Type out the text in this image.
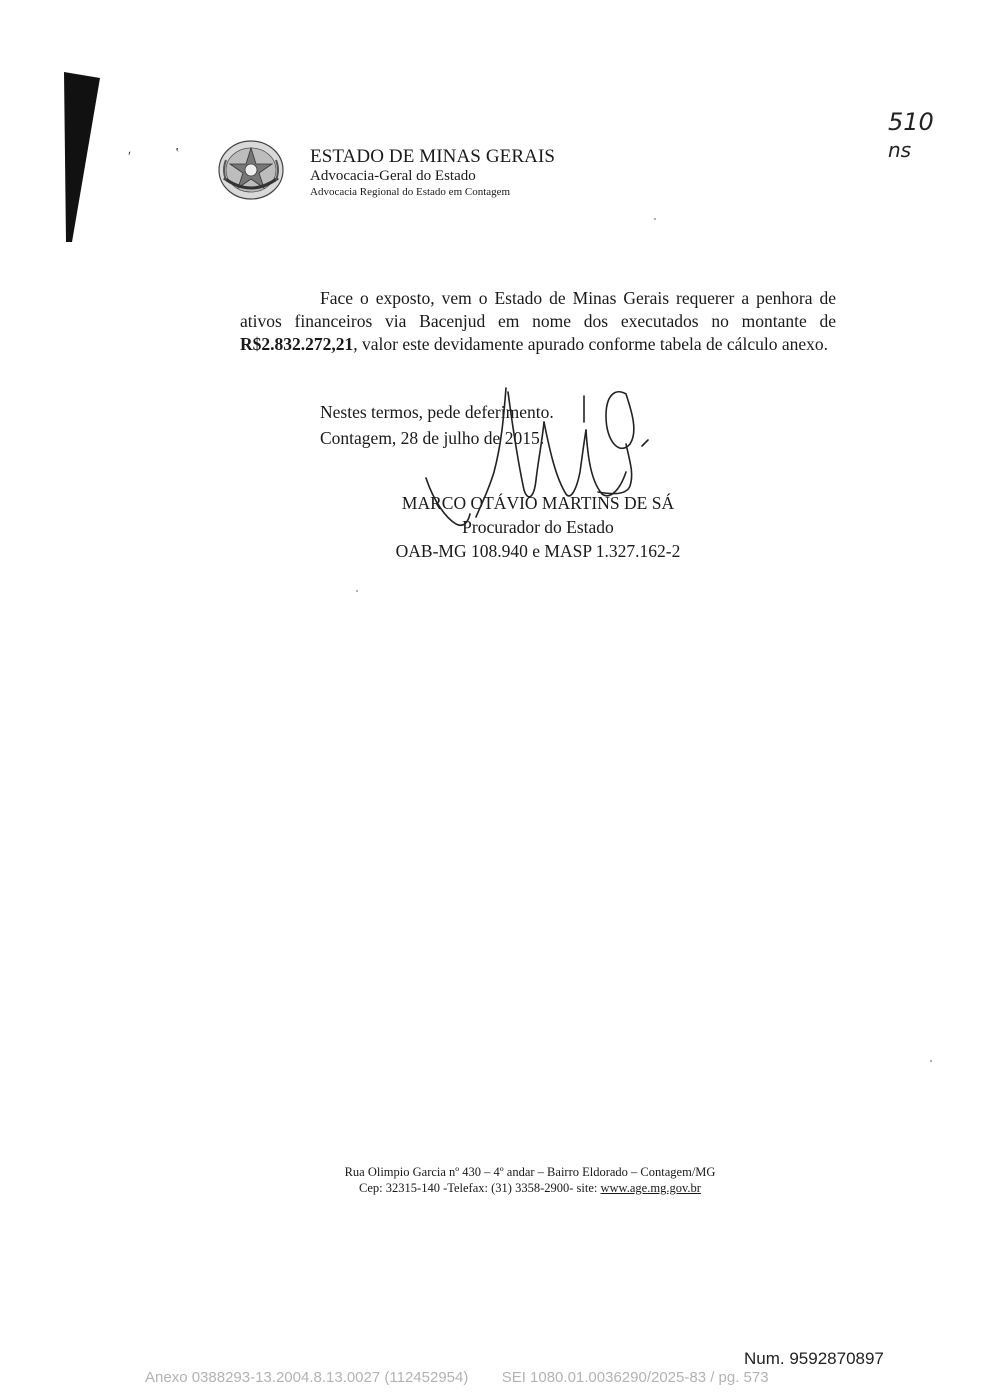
ʹ	ʽ
510
ns
ESTADO DE MINAS GERAIS
Advocacia-Geral do Estado
Advocacia Regional do Estado em Contagem

Face o exposto, vem o Estado de Minas Gerais requerer a penhora de ativos financeiros via Bacenjud em nome dos executados no montante de R$2.832.272,21, valor este devidamente apurado conforme tabela de cálculo anexo.

Nestes termos, pede deferimento.
Contagem, 28 de julho de 2015.
MARCO OTÁVIO MARTINS DE SÁ
Procurador do Estado
OAB-MG 108.940 e MASP 1.327.162-2
Rua Olimpio Garcia nº 430 – 4º andar – Bairro Eldorado – Contagem/MG
Cep: 32315-140 -Telefax: (31) 3358-2900- site: www.age.mg.gov.br
Num. 9592870897
Anexo 0388293-13.2004.8.13.0027 (112452954) SEI 1080.01.0036290/2025-83 / pg. 573
